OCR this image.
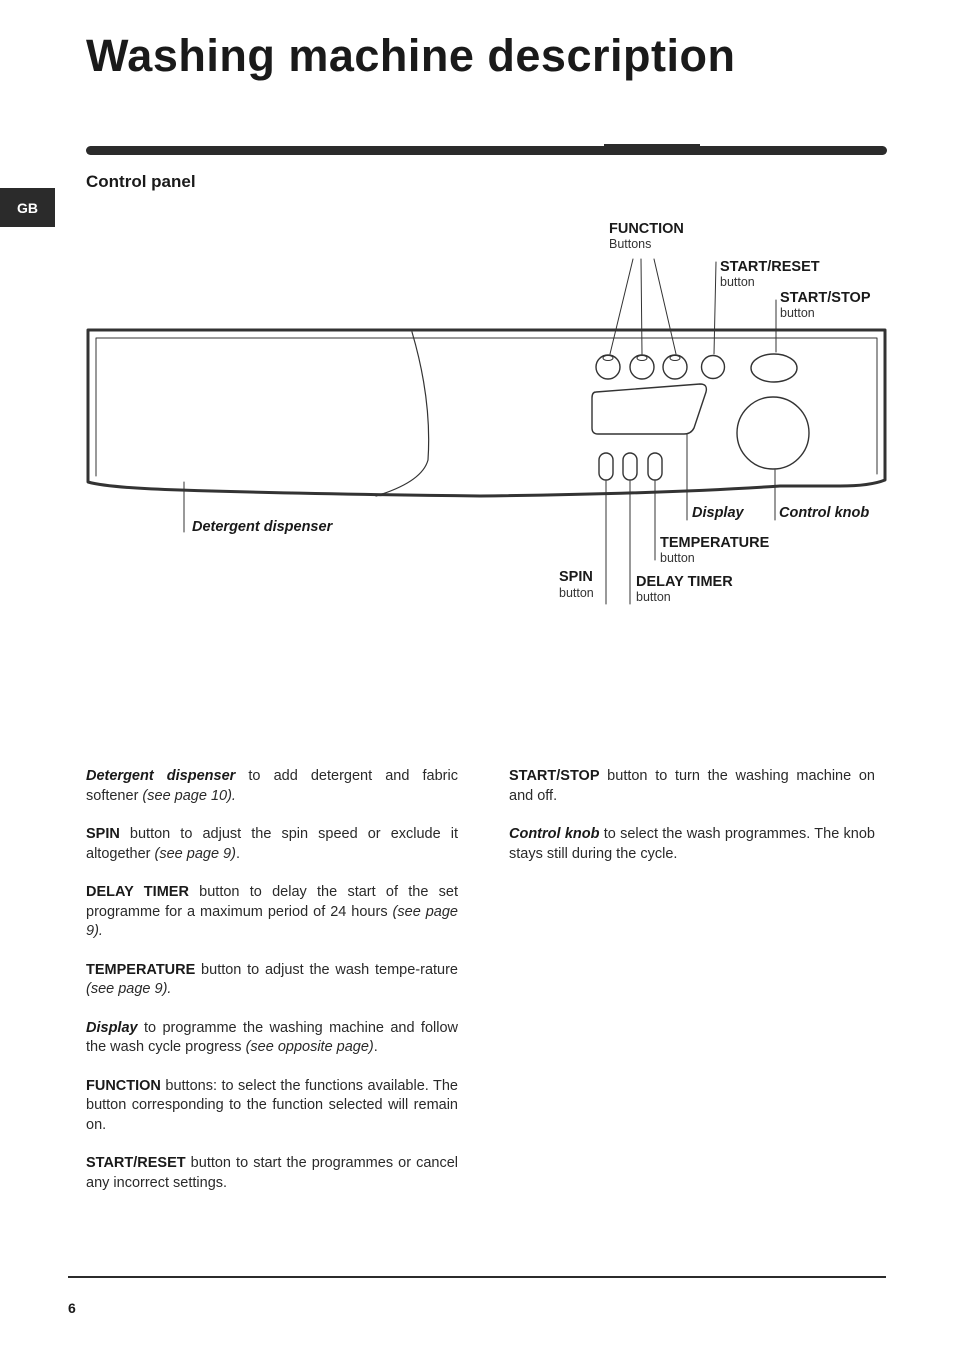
Washing machine description
Control panel
GB
FUNCTION
Buttons
START/RESET
button
START/STOP
button
Detergent dispenser
Display Control knob
TEMPERATURE
button
SPIN
button
DELAY TIMER
button

Detergent dispenser to add detergent and fabric softener (see page 10).

SPIN button to adjust the spin speed or exclude it altogether (see page 9).

DELAY TIMER button to delay the start of the set programme for a maximum period of 24 hours (see page 9).

TEMPERATURE button to adjust the wash tempe-rature (see page 9).

Display to programme the washing machine and follow the wash cycle progress (see opposite page).

FUNCTION buttons: to select the functions available. The button corresponding to the function selected will remain on.

START/RESET button to start the programmes or cancel any incorrect settings.

START/STOP button to turn the washing machine on and off.

Control knob to select the wash programmes. The knob stays still during the cycle.

6
